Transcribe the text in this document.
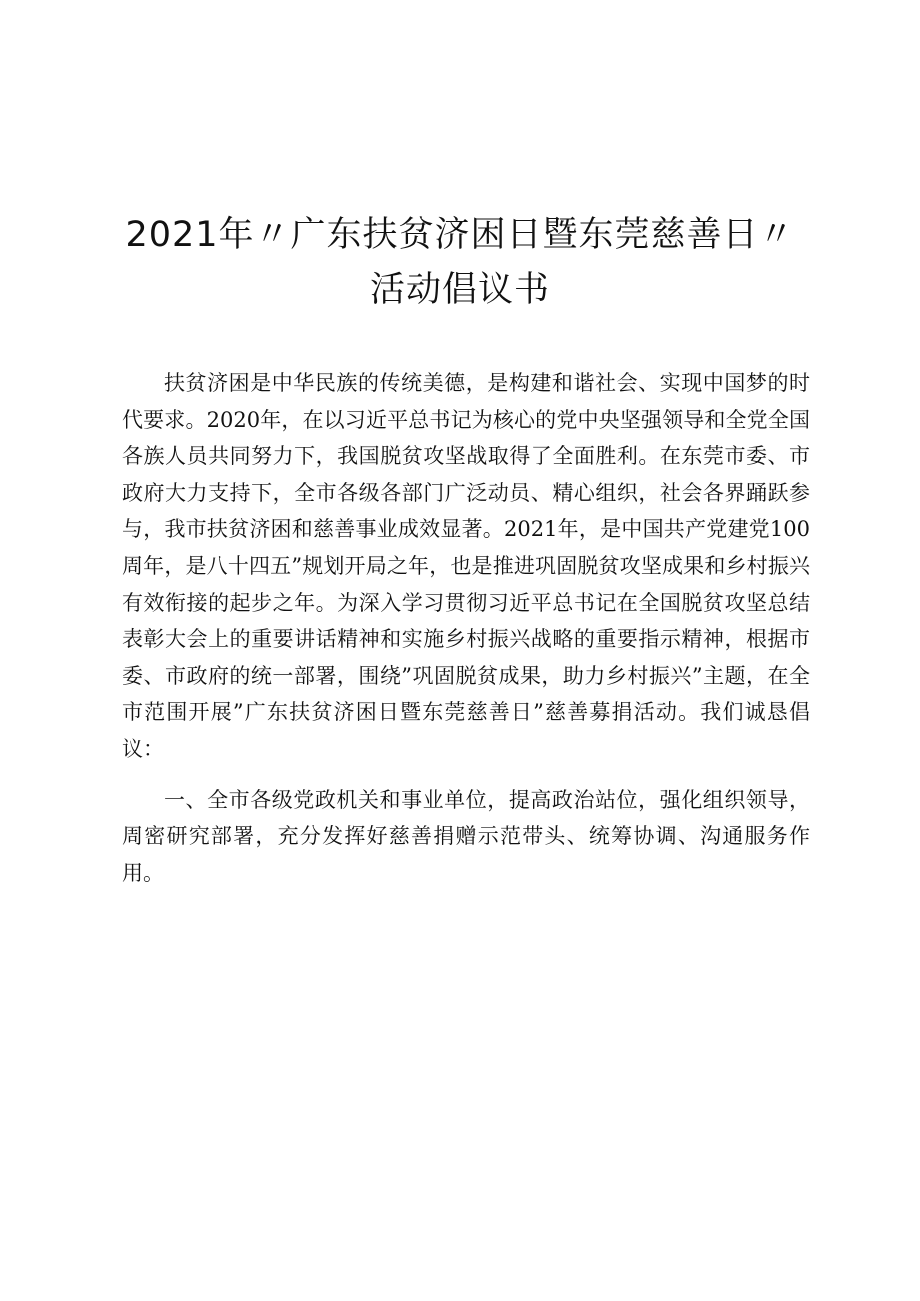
2021年〃广东扶贫济困日暨东莞慈善日〃
活动倡议书

扶贫济困是中华民族的传统美德，是构建和谐社会、实现中国梦的时代要求。2020年，在以习近平总书记为核心的党中央坚强领导和全党全国各族人员共同努力下，我国脱贫攻坚战取得了全面胜利。在东莞市委、市政府大力支持下，全市各级各部门广泛动员、精心组织，社会各界踊跃参与，我市扶贫济困和慈善事业成效显著。2021年，是中国共产党建党100周年，是八十四五”规划开局之年，也是推进巩固脱贫攻坚成果和乡村振兴有效衔接的起步之年。为深入学习贯彻习近平总书记在全国脱贫攻坚总结表彰大会上的重要讲话精神和实施乡村振兴战略的重要指示精神，根据市委、市政府的统一部署，围绕”巩固脱贫成果，助力乡村振兴”主题，在全市范围开展”广东扶贫济困日暨东莞慈善日”慈善募捐活动。我们诚恳倡议：

一、全市各级党政机关和事业单位，提高政治站位，强化组织领导，周密研究部署，充分发挥好慈善捐赠示范带头、统筹协调、沟通服务作用。
